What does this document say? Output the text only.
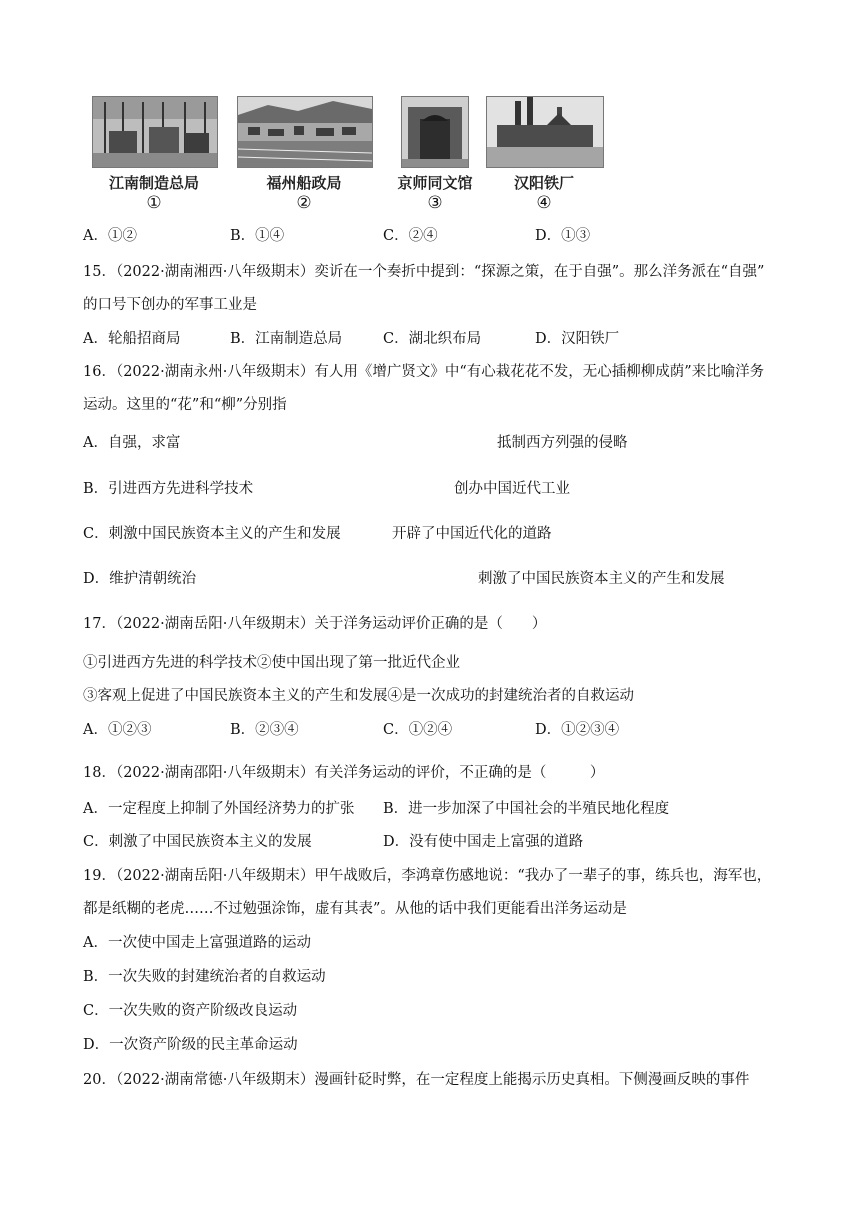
江南制造总局
①
福州船政局
②
京师同文馆
③
汉阳铁厂
④
A．①②	B．①④	C．②④	D．①③
15．（2022·湖南湘西·八年级期末）奕䜣在一个奏折中提到：“探源之策，在于自强”。那么洋务派在“自强”
的口号下创办的军事工业是
A．轮船招商局	B．江南制造总局	C．湖北织布局	D．汉阳铁厂
16．（2022·湖南永州·八年级期末）有人用《增广贤文》中“有心栽花花不发，无心插柳柳成荫”来比喻洋务
运动。这里的“花”和“柳”分别指
A．自强，求富	抵制西方列强的侵略
B．引进西方先进科学技术	创办中国近代工业
C．刺激中国民族资本主义的产生和发展	开辟了中国近代化的道路
D．维护清朝统治	刺激了中国民族资本主义的产生和发展
17．（2022·湖南岳阳·八年级期末）关于洋务运动评价正确的是（　　）
①引进西方先进的科学技术②使中国出现了第一批近代企业
③客观上促进了中国民族资本主义的产生和发展④是一次成功的封建统治者的自救运动
A．①②③	B．②③④	C．①②④	D．①②③④
18．（2022·湖南邵阳·八年级期末）有关洋务运动的评价，不正确的是（　　　）
A．一定程度上抑制了外国经济势力的扩张 B．进一步加深了中国社会的半殖民地化程度
C．刺激了中国民族资本主义的发展	D．没有使中国走上富强的道路
19．（2022·湖南岳阳·八年级期末）甲午战败后，李鸿章伤感地说：“我办了一辈子的事，练兵也，海军也，
都是纸糊的老虎……不过勉强涂饰，虚有其表”。从他的话中我们更能看出洋务运动是
A．一次使中国走上富强道路的运动
B．一次失败的封建统治者的自救运动
C．一次失败的资产阶级改良运动
D．一次资产阶级的民主革命运动
20．（2022·湖南常德·八年级期末）漫画针砭时弊，在一定程度上能揭示历史真相。下侧漫画反映的事件
